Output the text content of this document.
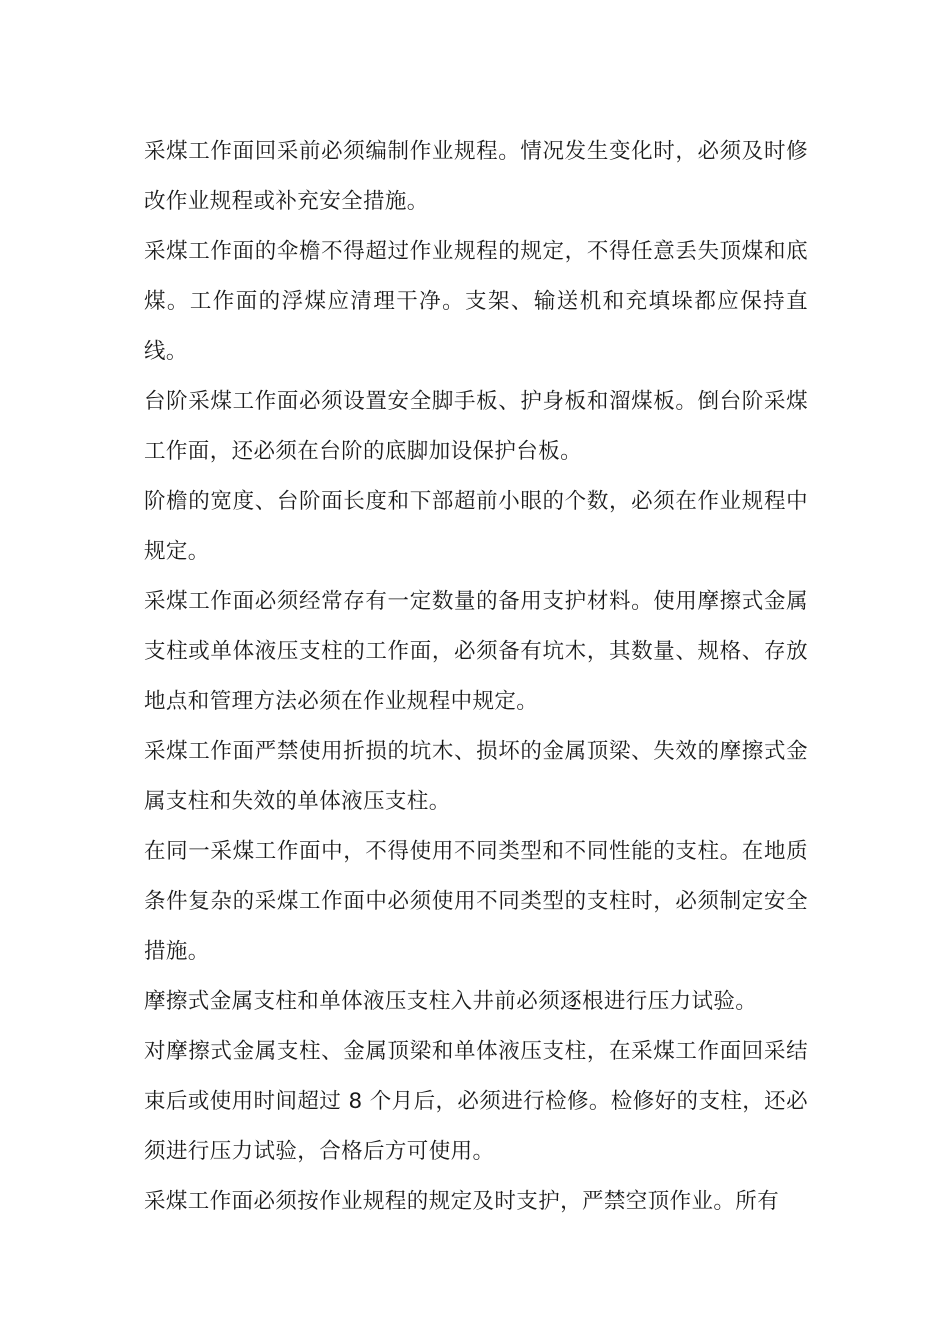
采煤工作面回采前必须编制作业规程。情况发生变化时，必须及时修改作业规程或补充安全措施。

采煤工作面的伞檐不得超过作业规程的规定，不得任意丢失顶煤和底煤。工作面的浮煤应清理干净。支架、输送机和充填垛都应保持直线。

台阶采煤工作面必须设置安全脚手板、护身板和溜煤板。倒台阶采煤工作面，还必须在台阶的底脚加设保护台板。

阶檐的宽度、台阶面长度和下部超前小眼的个数，必须在作业规程中规定。

采煤工作面必须经常存有一定数量的备用支护材料。使用摩擦式金属支柱或单体液压支柱的工作面，必须备有坑木，其数量、规格、存放地点和管理方法必须在作业规程中规定。

采煤工作面严禁使用折损的坑木、损坏的金属顶梁、失效的摩擦式金属支柱和失效的单体液压支柱。

在同一采煤工作面中，不得使用不同类型和不同性能的支柱。在地质条件复杂的采煤工作面中必须使用不同类型的支柱时，必须制定安全措施。

摩擦式金属支柱和单体液压支柱入井前必须逐根进行压力试验。

对摩擦式金属支柱、金属顶梁和单体液压支柱，在采煤工作面回采结束后或使用时间超过 8 个月后，必须进行检修。检修好的支柱，还必须进行压力试验，合格后方可使用。

采煤工作面必须按作业规程的规定及时支护，严禁空顶作业。所有
